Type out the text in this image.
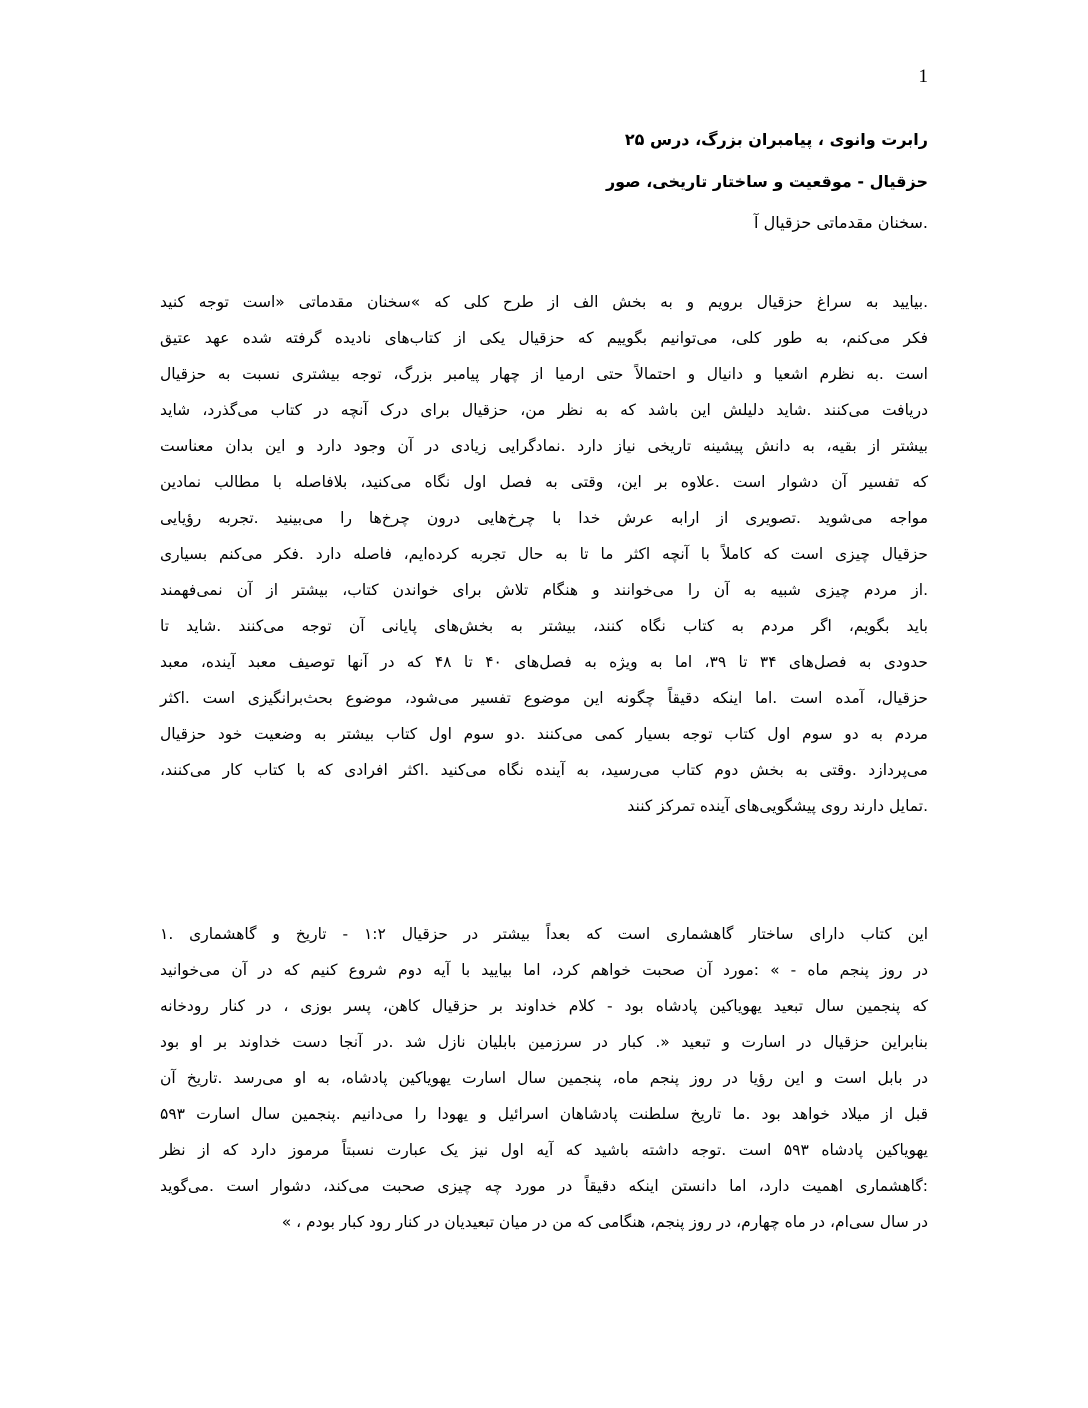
1
رابرت وانوی ، پیامبران بزرگ، درس ۲۵
حزقیال - موقعیت و ساختار تاریخی، صور
.سخنان مقدماتی حزقیال آ
.بیایید به سراغ حزقیال برویم و به بخش الف از طرح کلی که »سخنان مقدماتی «است توجه کنید
فکر می‌کنم، به طور کلی، می‌توانیم بگوییم که حزقیال یکی از کتاب‌های نادیده گرفته شده عهد عتیق
است .به نظرم اشعیا و دانیال و احتمالاً حتی ارمیا از چهار پیامبر بزرگ، توجه بیشتری نسبت به حزقیال
دریافت می‌کنند .شاید دلیلش این باشد که به نظر من، حزقیال برای درک آنچه در کتاب می‌گذرد، شاید
بیشتر از بقیه، به دانش پیشینه تاریخی نیاز دارد .نمادگرایی زیادی در آن وجود دارد و این بدان معناست
که تفسیر آن دشوار است .علاوه بر این، وقتی به فصل اول نگاه می‌کنید، بلافاصله با مطالب نمادین
مواجه می‌شوید .تصویری از ارابه عرش خدا با چرخ‌هایی درون چرخ‌ها را می‌بینید .تجربه رؤیایی
حزقیال چیزی است که کاملاً با آنچه اکثر ما تا به حال تجربه کرده‌ایم، فاصله دارد .فکر می‌کنم بسیاری
.از مردم چیزی شبیه به آن را می‌خوانند و هنگام تلاش برای خواندن کتاب، بیشتر از آن نمی‌فهمند
باید بگویم، اگر مردم به کتاب نگاه کنند، بیشتر به بخش‌های پایانی آن توجه می‌کنند .شاید تا
حدودی به فصل‌های ۳۴ تا ۳۹، اما به ویژه به فصل‌های ۴۰ تا ۴۸ که در آنها توصیف معبد آینده، معبد
حزقیال، آمده است .اما اینکه دقیقاً چگونه این موضوع تفسیر می‌شود، موضوع بحث‌برانگیزی است .اکثر
مردم به دو سوم اول کتاب توجه بسیار کمی می‌کنند .دو سوم اول کتاب بیشتر به وضعیت خود حزقیال
می‌پردازد .وقتی به بخش دوم کتاب می‌رسید، به آینده نگاه می‌کنید .اکثر افرادی که با کتاب کار می‌کنند،
.تمایل دارند روی پیشگویی‌های آینده تمرکز کنند
این کتاب دارای ساختار گاهشماری است که بعداً بیشتر در حزقیال ۱:۲ - تاریخ و گاهشماری .۱
در روز پنجم ماه - » :مورد آن صحبت خواهم کرد، اما بیایید با آیه دوم شروع کنیم که در آن می‌خوانید
که پنجمین سال تبعید یهویاکین پادشاه بود - کلام خداوند بر حزقیال کاهن، پسر بوزی ، در کنار رودخانه
بنابراین حزقیال در اسارت و تبعید «. کبار در سرزمین بابلیان نازل شد .در آنجا دست خداوند بر او بود
در بابل است و این رؤیا در روز پنجم ماه، پنجمین سال اسارت یهویاکین پادشاه، به او می‌رسد .تاریخ آن
قبل از میلاد خواهد بود .ما تاریخ سلطنت پادشاهان اسرائیل و یهودا را می‌دانیم .پنجمین سال اسارت ۵۹۳
یهویاکین پادشاه ۵۹۳ است .توجه داشته باشید که آیه اول نیز یک عبارت نسبتاً مرموز دارد که از نظر
:گاهشماری اهمیت دارد، اما دانستن اینکه دقیقاً در مورد چه چیزی صحبت می‌کند، دشوار است .می‌گوید
در سال سی‌ام، در ماه چهارم، در روز پنجم، هنگامی که من در میان تبعیدیان در کنار رود کبار بودم ، »
